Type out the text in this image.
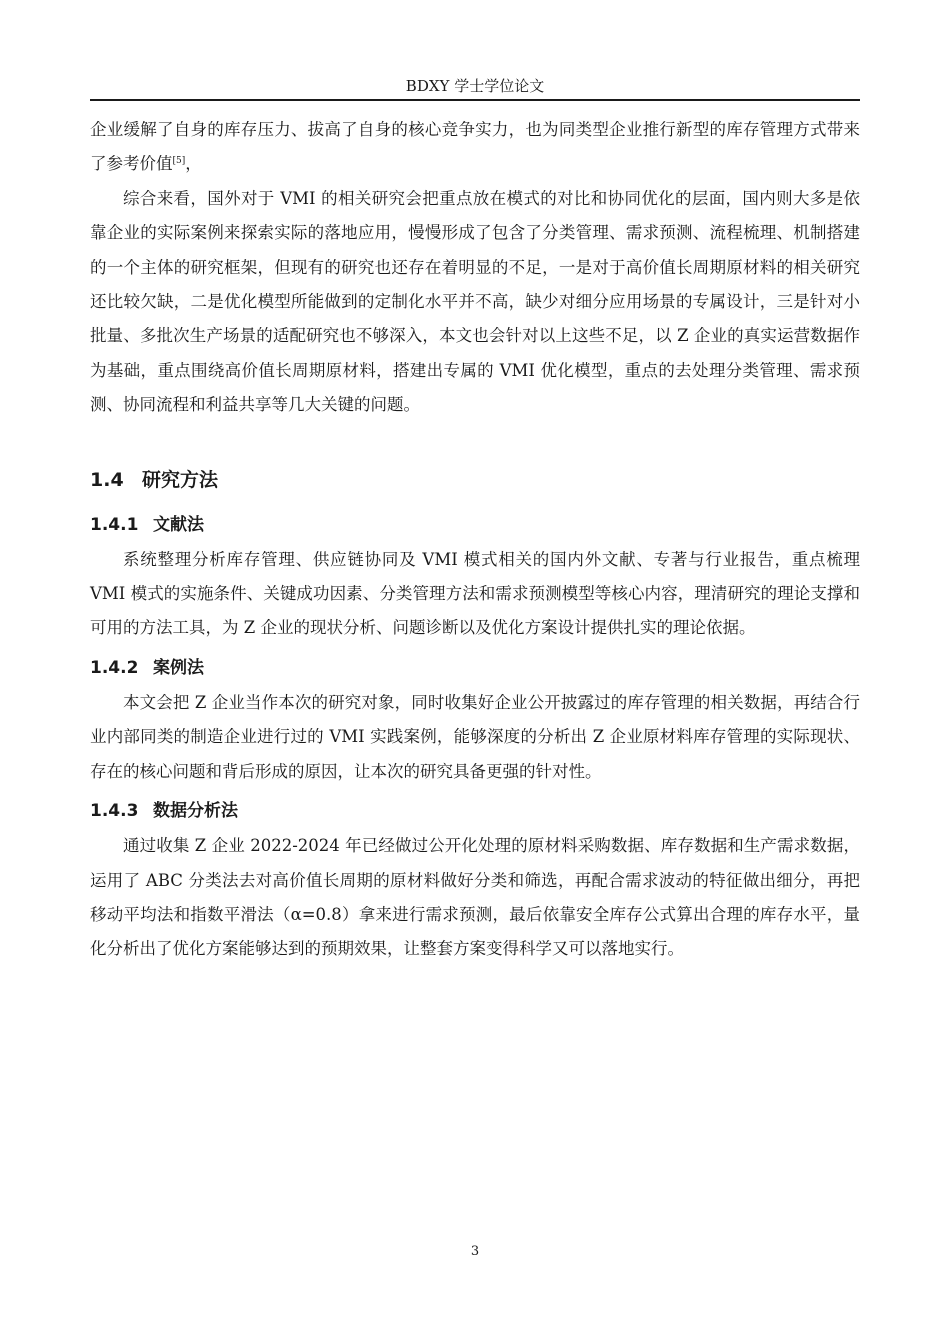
BDXY 学士学位论文

企业缓解了自身的库存压力、拔高了自身的核心竞争实力，也为同类型企业推行新型的库存管理方式带来了参考价值[5]，

综合来看，国外对于 VMI 的相关研究会把重点放在模式的对比和协同优化的层面，国内则大多是依靠企业的实际案例来探索实际的落地应用，慢慢形成了包含了分类管理、需求预测、流程梳理、机制搭建的一个主体的研究框架，但现有的研究也还存在着明显的不足，一是对于高价值长周期原材料的相关研究还比较欠缺，二是优化模型所能做到的定制化水平并不高，缺少对细分应用场景的专属设计，三是针对小批量、多批次生产场景的适配研究也不够深入，本文也会针对以上这些不足，以 Z 企业的真实运营数据作为基础，重点围绕高价值长周期原材料，搭建出专属的 VMI 优化模型，重点的去处理分类管理、需求预测、协同流程和利益共享等几大关键的问题。

1.4 研究方法
1.4.1 文献法

系统整理分析库存管理、供应链协同及 VMI 模式相关的国内外文献、专著与行业报告，重点梳理 VMI 模式的实施条件、关键成功因素、分类管理方法和需求预测模型等核心内容，理清研究的理论支撑和可用的方法工具，为 Z 企业的现状分析、问题诊断以及优化方案设计提供扎实的理论依据。

1.4.2 案例法

本文会把 Z 企业当作本次的研究对象，同时收集好企业公开披露过的库存管理的相关数据，再结合行业内部同类的制造企业进行过的 VMI 实践案例，能够深度的分析出 Z 企业原材料库存管理的实际现状、存在的核心问题和背后形成的原因，让本次的研究具备更强的针对性。

1.4.3 数据分析法

通过收集 Z 企业 2022-2024 年已经做过公开化处理的原材料采购数据、库存数据和生产需求数据，运用了 ABC 分类法去对高价值长周期的原材料做好分类和筛选，再配合需求波动的特征做出细分，再把移动平均法和指数平滑法（α=0.8）拿来进行需求预测，最后依靠安全库存公式算出合理的库存水平，量化分析出了优化方案能够达到的预期效果，让整套方案变得科学又可以落地实行。

3
